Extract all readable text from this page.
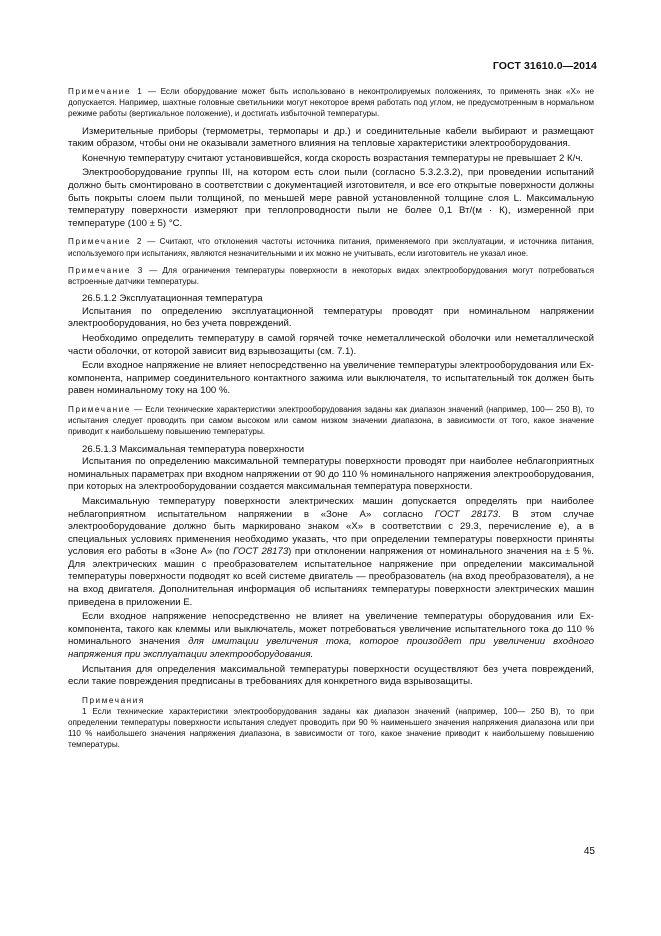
ГОСТ 31610.0—2014

Примечание 1 — Если оборудование может быть использовано в неконтролируемых положениях, то применять знак «X» не допускается. Например, шахтные головные светильники могут некоторое время работать под углом, не предусмотренным в нормальном режиме работы (вертикальное положение), и достигать избыточной температуры.

Измерительные приборы (термометры, термопары и др.) и соединительные кабели выбирают и размещают таким образом, чтобы они не оказывали заметного влияния на тепловые характеристики электрооборудования.

Конечную температуру считают установившейся, когда скорость возрастания температуры не превышает 2 К/ч.

Электрооборудование группы III, на котором есть слои пыли (согласно 5.3.2.3.2), при проведении испытаний должно быть смонтировано в соответствии с документацией изготовителя, и все его открытые поверхности должны быть покрыты слоем пыли толщиной, по меньшей мере равной установленной толщине слоя L. Максимальную температуру поверхности измеряют при теплопроводности пыли не более 0,1 Вт/(м · К), измеренной при температуре (100 ± 5) °С.

Примечание 2 — Считают, что отклонения частоты источника питания, применяемого при эксплуатации, и источника питания, используемого при испытаниях, являются незначительными и их можно не учитывать, если изготовитель не указал иное.

Примечание 3 — Для ограничения температуры поверхности в некоторых видах электрооборудования могут потребоваться встроенные датчики температуры.

26.5.1.2 Эксплуатационная температура

Испытания по определению эксплуатационной температуры проводят при номинальном напряжении электрооборудования, но без учета повреждений.

Необходимо определить температуру в самой горячей точке неметаллической оболочки или неметаллической части оболочки, от которой зависит вид взрывозащиты (см. 7.1).

Если входное напряжение не влияет непосредственно на увеличение температуры электрооборудования или Ex-компонента, например соединительного контактного зажима или выключателя, то испытательный ток должен быть равен номинальному току на 100 %.

Примечание — Если технические характеристики электрооборудования заданы как диапазон значений (например, 100— 250 В), то испытания следует проводить при самом высоком или самом низком значении диапазона, в зависимости от того, какое значение приводит к наибольшему повышению температуры.

26.5.1.3 Максимальная температура поверхности

Испытания по определению максимальной температуры поверхности проводят при наиболее неблагоприятных номинальных параметрах при входном напряжении от 90 до 110 % номинального напряжения электрооборудования, при которых на электрооборудовании создается максимальная температура поверхности.

Максимальную температуру поверхности электрических машин допускается определять при наиболее неблагоприятном испытательном напряжении в «Зоне А» согласно ГОСТ 28173. В этом случае электрооборудование должно быть маркировано знаком «X» в соответствии с 29.3, перечисление е), а в специальных условиях применения необходимо указать, что при определении температуры поверхности приняты условия его работы в «Зоне А» (по ГОСТ 28173) при отклонении напряжения от номинального значения на ± 5 %. Для электрических машин с преобразователем испытательное напряжение при определении максимальной температуры поверхности подводят ко всей системе двигатель — преобразователь (на вход преобразователя), а не на вход двигателя. Дополнительная информация об испытаниях температуры поверхности электрических машин приведена в приложении Е.

Если входное напряжение непосредственно не влияет на увеличение температуры оборудования или Ex-компонента, такого как клеммы или выключатель, может потребоваться увеличение испытательного тока до 110 % номинального значения для имитации увеличения тока, которое произойдет при увеличении входного напряжения при эксплуатации электрооборудования.

Испытания для определения максимальной температуры поверхности осуществляют без учета повреждений, если такие повреждения предписаны в требованиях для конкретного вида взрывозащиты.

Примечания

1 Если технические характеристики электрооборудования заданы как диапазон значений (например, 100— 250 В), то при определении температуры поверхности испытания следует проводить при 90 % наименьшего значения напряжения диапазона или при 110 % наибольшего значения напряжения диапазона, в зависимости от того, какое значение приводит к наибольшему повышению температуры.

45
